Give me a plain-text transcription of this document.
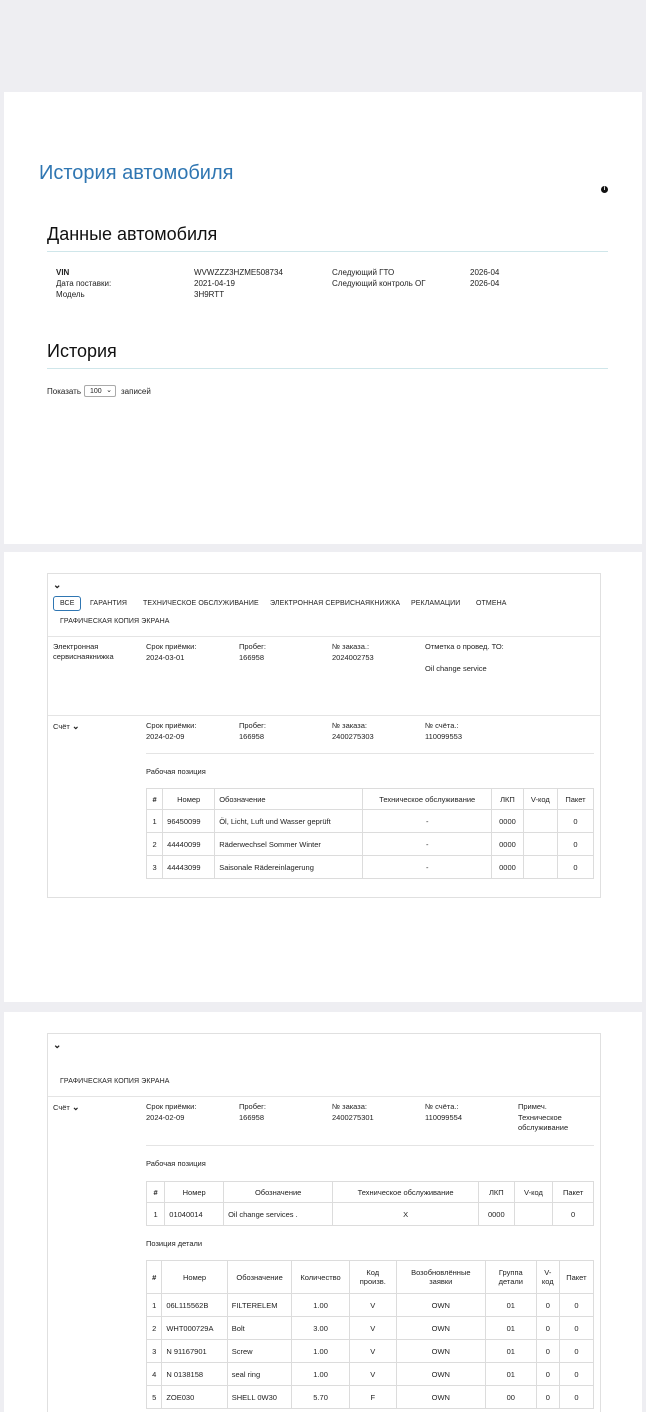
История автомобиля
i
Данные автомобиля
VIN	WVWZZZ3HZME508734
Дата поставки:	2021-04-19
Модель	3H9RTT
Следующий ГТО	2026-04
Следующий контроль ОГ	2026-04
История
Показать	100 ⌄ записей
⌄
ВСЕ	ГАРАНТИЯ ТЕХНИЧЕСКОЕ ОБСЛУЖИВАНИЕ ЭЛЕКТРОННАЯ СЕРВИСНАЯКНИЖКА РЕКЛАМАЦИИ ОТМЕНА
ГРАФИЧЕСКАЯ КОПИЯ ЭКРАНА
Электронная сервиснаякнижка
Срок приёмки:
2024-03-01
Пробег:
166958
№ заказа.:
2024002753
Отметка о провед. ТО:
Oil change service
Счёт ⌄	Срок приёмки:
2024-02-09
Пробег:
166958
№ заказа:
2400275303
№ счёта.:
110099553
Рабочая позиция
#	Номер	Обозначение	Техническое обслуживание	ЛКП	V-код	Пакет
1	96450099	Öl, Licht, Luft und Wasser geprüft	-	0000		0
2	44440099	Räderwechsel Sommer Winter	-	0000		0
3	44443099	Saisonale Rädereinlagerung	-	0000		0
⌄
ГРАФИЧЕСКАЯ КОПИЯ ЭКРАНА
Счёт ⌄	Срок приёмки:
2024-02-09
Пробег:
166958
№ заказа:
2400275301
№ счёта.:
110099554
Примеч.
Техническое обслуживание
Рабочая позиция
#	Номер	Обозначение	Техническое обслуживание	ЛКП	V-код	Пакет
1	01040014	Oil change services .	X	0000		0
Позиция детали
#	Номер	Обозначение	Количество	Код произв.	Возобновлённые заявки	Группа детали	V-код	Пакет
1	06L115562B	FILTERELEM	1.00	V	OWN	01	0	0
2	WHT000729A	Bolt	3.00	V	OWN	01	0	0
3	N 91167901	Screw	1.00	V	OWN	01	0	0
4	N 0138158	seal ring	1.00	V	OWN	01	0	0
5	ZOE030	SHELL 0W30	5.70	F	OWN	00	0	0
